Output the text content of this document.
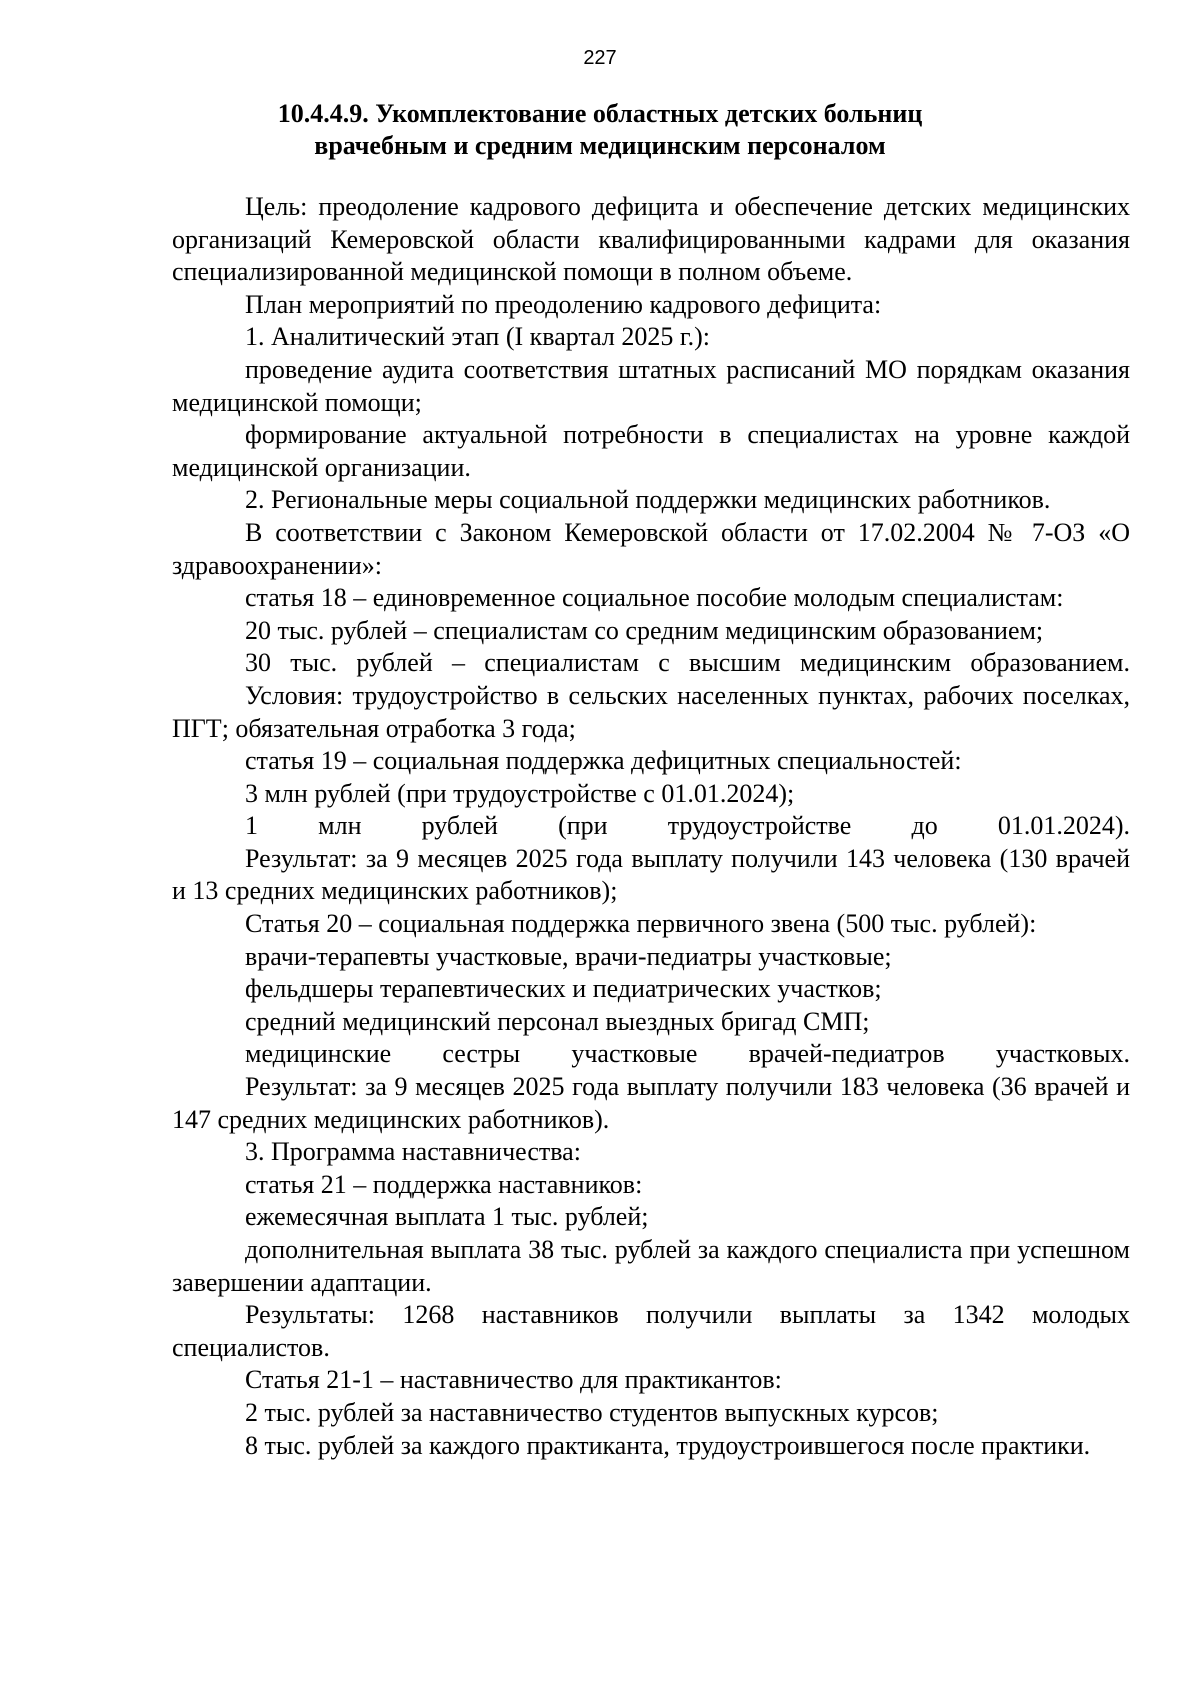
227
10.4.4.9. Укомплектование областных детских больниц
врачебным и средним медицинским персоналом

Цель: преодоление кадрового дефицита и обеспечение детских медицинских организаций Кемеровской области квалифицированными кадрами для оказания специализированной медицинской помощи в полном объеме.

План мероприятий по преодолению кадрового дефицита:

1. Аналитический этап (I квартал 2025 г.):

проведение аудита соответствия штатных расписаний МО порядкам оказания медицинской помощи;

формирование актуальной потребности в специалистах на уровне каждой медицинской организации.

2. Региональные меры социальной поддержки медицинских работников.

В соответствии с Законом Кемеровской области от 17.02.2004 № 7-ОЗ «О здравоохранении»:

статья 18 – единовременное социальное пособие молодым специалистам:

20 тыс. рублей – специалистам со средним медицинским образованием;

30 тыс. рублей – специалистам с высшим медицинским образованием.

Условия: трудоустройство в сельских населенных пунктах, рабочих поселках, ПГТ; обязательная отработка 3 года;

статья 19 – социальная поддержка дефицитных специальностей:

3 млн рублей (при трудоустройстве с 01.01.2024);

1 млн рублей (при трудоустройстве до 01.01.2024).

Результат: за 9 месяцев 2025 года выплату получили 143 человека (130 врачей и 13 средних медицинских работников);

Статья 20 – социальная поддержка первичного звена (500 тыс. рублей):

врачи-терапевты участковые, врачи-педиатры участковые;

фельдшеры терапевтических и педиатрических участков;

средний медицинский персонал выездных бригад СМП;

медицинские сестры участковые врачей-педиатров участковых.

Результат: за 9 месяцев 2025 года выплату получили 183 человека (36 врачей и 147 средних медицинских работников).

3. Программа наставничества:

статья 21 – поддержка наставников:

ежемесячная выплата 1 тыс. рублей;

дополнительная выплата 38 тыс. рублей за каждого специалиста при успешном завершении адаптации.

Результаты: 1268 наставников получили выплаты за 1342 молодых специалистов.

Статья 21-1 – наставничество для практикантов:

2 тыс. рублей за наставничество студентов выпускных курсов;

8 тыс. рублей за каждого практиканта, трудоустроившегося после практики.
